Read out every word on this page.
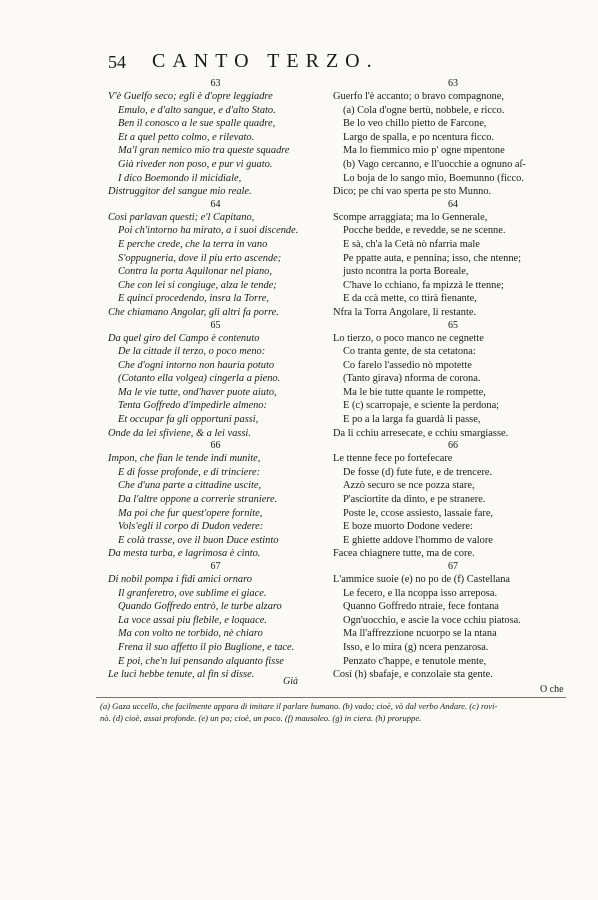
54 CANTO TERZO.
63
V'è Guelfo seco; egli è d'opre leggiadre
Emulo, e d'alto sangue, e d'alto Stato.
Ben il conosco a le sue spalle quadre,
Et a quel petto colmo, e rilevato.
Ma'l gran nemico mio tra queste squadre
Già riveder non poso, e pur vi guato.
I dico Boemondo il micidiale,
Distruggitor del sangue mio reale.
64
Così parlavan questi; e'l Capitano,
Poi ch'intorno ha mirato, a i suoi discende.
E perche crede, che la terra in vano
S'oppugneria, dove il piu erto ascende;
Contra la porta Aquilonar nel piano,
Che con lei si congiuge, alza le tende;
E quinci procedendo, insra la Torre,
Che chiamano Angolar, gli altri fa porre.
65
Da quel giro del Campo è contenuto
De la cittade il terzo, o poco meno:
Che d'ogni intorno non hauria potuto
(Cotanto ella volgea) cingerla a pieno.
Ma le vie tutte, ond'haver puote aiuto,
Tenta Goffredo d'impedirle almeno:
Et occupar fa gli opportuni passi,
Onde da lei sfiviene, & a lei vassi.
66
Impon, che fian le tende indi munite,
E di fosse profonde, e di trinciere:
Che d'una parte a cittadine uscite,
Da l'altre oppone a correrie straniere.
Ma poi che fur quest'opere fornite,
Vols'egli il corpo di Dudon vedere:
E colà trasse, ove il buon Duce estinto
Da mesta turba, e lagrimosa è cinto.
67
Di nobil pompa i fidi amici ornaro
Il granferetro, ove sublime ei giace.
Quando Goffredo entrò, le turbe alzaro
La voce assai piu flebile, e loquace.
Ma con volto ne torbido, nè chiaro
Frena il suo affetto il pio Buglione, e tace.
E poi, che'n lui pensando alquanto fisse
Le luci hebbe tenute, al fin si disse.
63
Guerfo l'è accanto; o bravo compagnone,
(a) Cola d'ogne bertù, nobbele, e ricco.
Be lo veo chillo pietto de Farcone,
Largo de spalla, e po ncentura ficco.
Ma lo fiemmico mio p' ogne mpentone
(b) Vago cercanno, e ll'uocchie a ognuno aſ-
Lo boja de lo sango mio, Boemunno (ficco.
Dico; pe chi vao sperta pe sto Munno.
64
Scompe arraggiata; ma lo Gennerale,
Pocche bedde, e revedde, se ne scenne.
E sà, ch'a la Cetà nò nfarria male
Pe ppatte auta, e pennina; isso, che ntenne;
justo ncontra la porta Boreale,
C'have lo cchiano, fa mpizzà le ttenne;
E da ccà mette, co ttirà fienante,
Nfra la Torra Angolare, li restante.
65
Lo tierzo, o poco manco ne cegnette
Co tranta gente, de sta cetatona:
Co farelo l'assedio nò mpotette
(Tanto girava) nforma de corona.
Ma le bie tutte quante le rompette,
E (c) scarropaje, e sciente la perdona;
E po a la larga fa guardà li passe,
Da li cchiu arresecate, e cchiu smargiasse.
66
Le ttenne fece po fortefecare
De fosse (d) fute fute, e de trencere.
Azzò securo se nce pozza stare,
P'asciortite da dinto, e pe stranere.
Poste le, ccose assiesto, lassaie fare,
E boze muorto Dodone vedere:
E ghiette addove l'hommo de valore
Facea chiagnere tutte, ma de core.
67
L'ammice suoie (e) no po de (f) Castellana
Le fecero, e lla ncoppa isso arreposa.
Quanno Goffredo ntraie, fece fontana
Ogn'uocchio, e ascie la voce cchiu piatosa.
Ma ll'affrezzione ncuorpo se la ntana
Isso, e lo mira (g) ncera penzarosa.
Penzato c'happe, e tenutole mente,
Cosí (h) sbafaje, e conzolaie sta gente.
Già
O che
(a) Gaza uccello, che facilmente appara di imitare il parlare humano. (b) vado; cioè, vò dal verbo Andare. (c) rovi-
nò. (d) cioè, assai profonde. (e) un po; cioè, un poco. (f) mausoleo. (g) in ciera. (h) proruppe.
